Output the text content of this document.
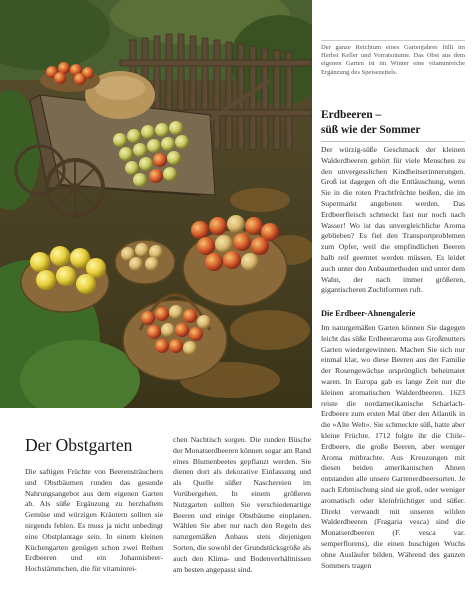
Der ganze Reichtum eines Gartenjahres füllt im Herbst Keller und Vorratsräume. Das Obst aus dem eigenen Garten ist im Winter eine vitaminreiche Ergänzung des Speisezettels.
Erdbeeren –
süß wie der Sommer
Der würzig-süße Geschmack der kleinen Walderdbeeren gehört für viele Menschen zu den unvergesslichen Kindheitserinnerungen. Groß ist dagegen oft die Enttäuschung, wenn Sie in die roten Prachtfrüchte beißen, die im Supermarkt angeboten werden. Das Erdbeerfleisch schmeckt fast nur noch nach Wasser! Wo ist das unvergleichliche Aroma geblieben? Es fiel den Transportproblemen zum Opfer, weil die empfindlichen Beeren halb reif geerntet werden müssen. Es leidet auch unter den Anbaumethoden und unter dem Wahn, der nach immer größeren, gigantischeren Zuchtformen ruft.
Die Erdbeer-Ahnengalerie
Im naturgemäßen Garten können Sie dagegen leicht das süße Erdbeeraroma aus Großmutters Garten wiedergewinnen. Machen Sie sich nur einmal klar, wo diese Beeren aus der Familie der Rosengewächse ursprünglich beheimatet waren. In Europa gab es lange Zeit nur die kleinen aromatischen Walderdbeeren. 1623 reiste die nordamerikanische Scharlach-Erdbeere zum ersten Mal über den Atlantik in die »Alte Welt«. Sie schmeckte süß, hatte aber kleine Früchte. 1712 folgte ihr die Chile-Erdbeere, die große Beeren, aber weniger Aroma mitbrachte. Aus Kreuzungen mit diesen beiden amerikanischen Ahnen entstanden alle unsere Gartenerdbeersorten. Je nach Erbmischung sind sie groß, oder weniger aromatisch oder kleinfrüchtiger und süßer. Direkt verwandt mit unseren wilden Walderdbeeren (Fragaria vesca) sind die Monatserdbeeren (F. vesca var. semperflorens), die einen buschigen Wuchs ohne Ausläufer bilden. Während des ganzen Sommers tragen
Der Obstgarten
Die saftigen Früchte von Beerensträuchern und Obstbäumen runden das gesunde Nahrungsangebot aus dem eigenen Garten ab. Als süße Ergänzung zu herzhaftem Gemüse und würzigen Kräutern sollten sie nirgends fehlen. Es muss ja nicht unbedingt eine Obstplantage sein. In einem kleinen Küchengarten genügen schon zwei Reihen Erdbeeren und ein Johannisbeer-Hochstämmchen, die für vitaminrei-
chen Nachtisch sorgen. Die runden Büsche der Monatserdbeeren können sogar am Rand eines Blumenbeetes gepflanzt werden. Sie dienen dort als dekorative Einfassung und als Quelle süßer Naschereien im Vorübergehen. In einem größeren Nutzgarten sollten Sie verschiedenartige Beeren und einige Obstbäume einplanen. Wählen Sie aber nur nach den Regeln des naturgemäßen Anbaus stets diejenigen Sorten, die sowohl der Grundstücksgröße als auch den Klima- und Bodenverhältnissen am besten angepasst sind.
